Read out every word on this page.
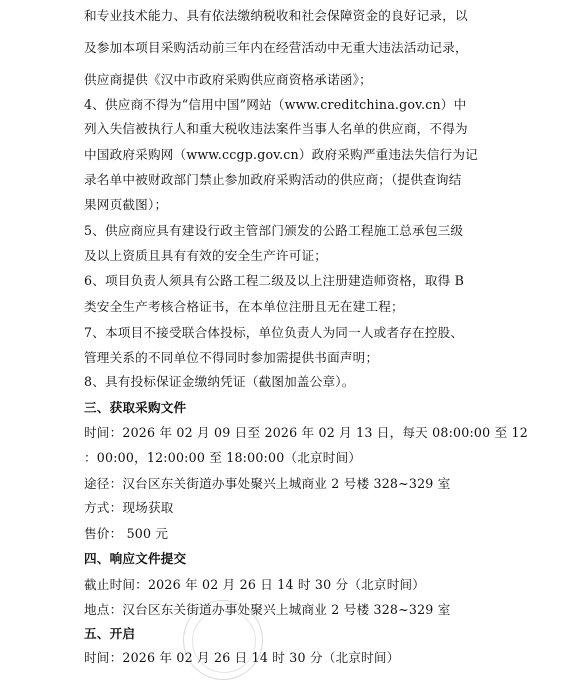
和专业技术能力、具有依法缴纳税收和社会保障资金的良好记录，以
及参加本项目采购活动前三年内在经营活动中无重大违法活动记录，
供应商提供《汉中市政府采购供应商资格承诺函》；
4、供应商不得为“信用中国”网站（www.creditchina.gov.cn）中
列入失信被执行人和重大税收违法案件当事人名单的供应商，不得为
中国政府采购网（www.ccgp.gov.cn）政府采购严重违法失信行为记
录名单中被财政部门禁止参加政府采购活动的供应商；（提供查询结
果网页截图）；
5、供应商应具有建设行政主管部门颁发的公路工程施工总承包三级
及以上资质且具有有效的安全生产许可证；
6、项目负责人须具有公路工程二级及以上注册建造师资格，取得 B
类安全生产考核合格证书，在本单位注册且无在建工程；
7、本项目不接受联合体投标，单位负责人为同一人或者存在控股、
管理关系的不同单位不得同时参加需提供书面声明；
8、具有投标保证金缴纳凭证（截图加盖公章）。
三、获取采购文件
时间：2026 年 02 月 09 日至 2026 年 02 月 13 日，每天 08:00:00 至 12
：00:00，12:00:00 至 18:00:00（北京时间）
途径：汉台区东关街道办事处聚兴上城商业 2 号楼 328~329 室
方式：现场获取
售价： 500 元
四、响应文件提交
截止时间：2026 年 02 月 26 日 14 时 30 分（北京时间）
地点：汉台区东关街道办事处聚兴上城商业 2 号楼 328~329 室
五、开启
时间：2026 年 02 月 26 日 14 时 30 分（北京时间）
